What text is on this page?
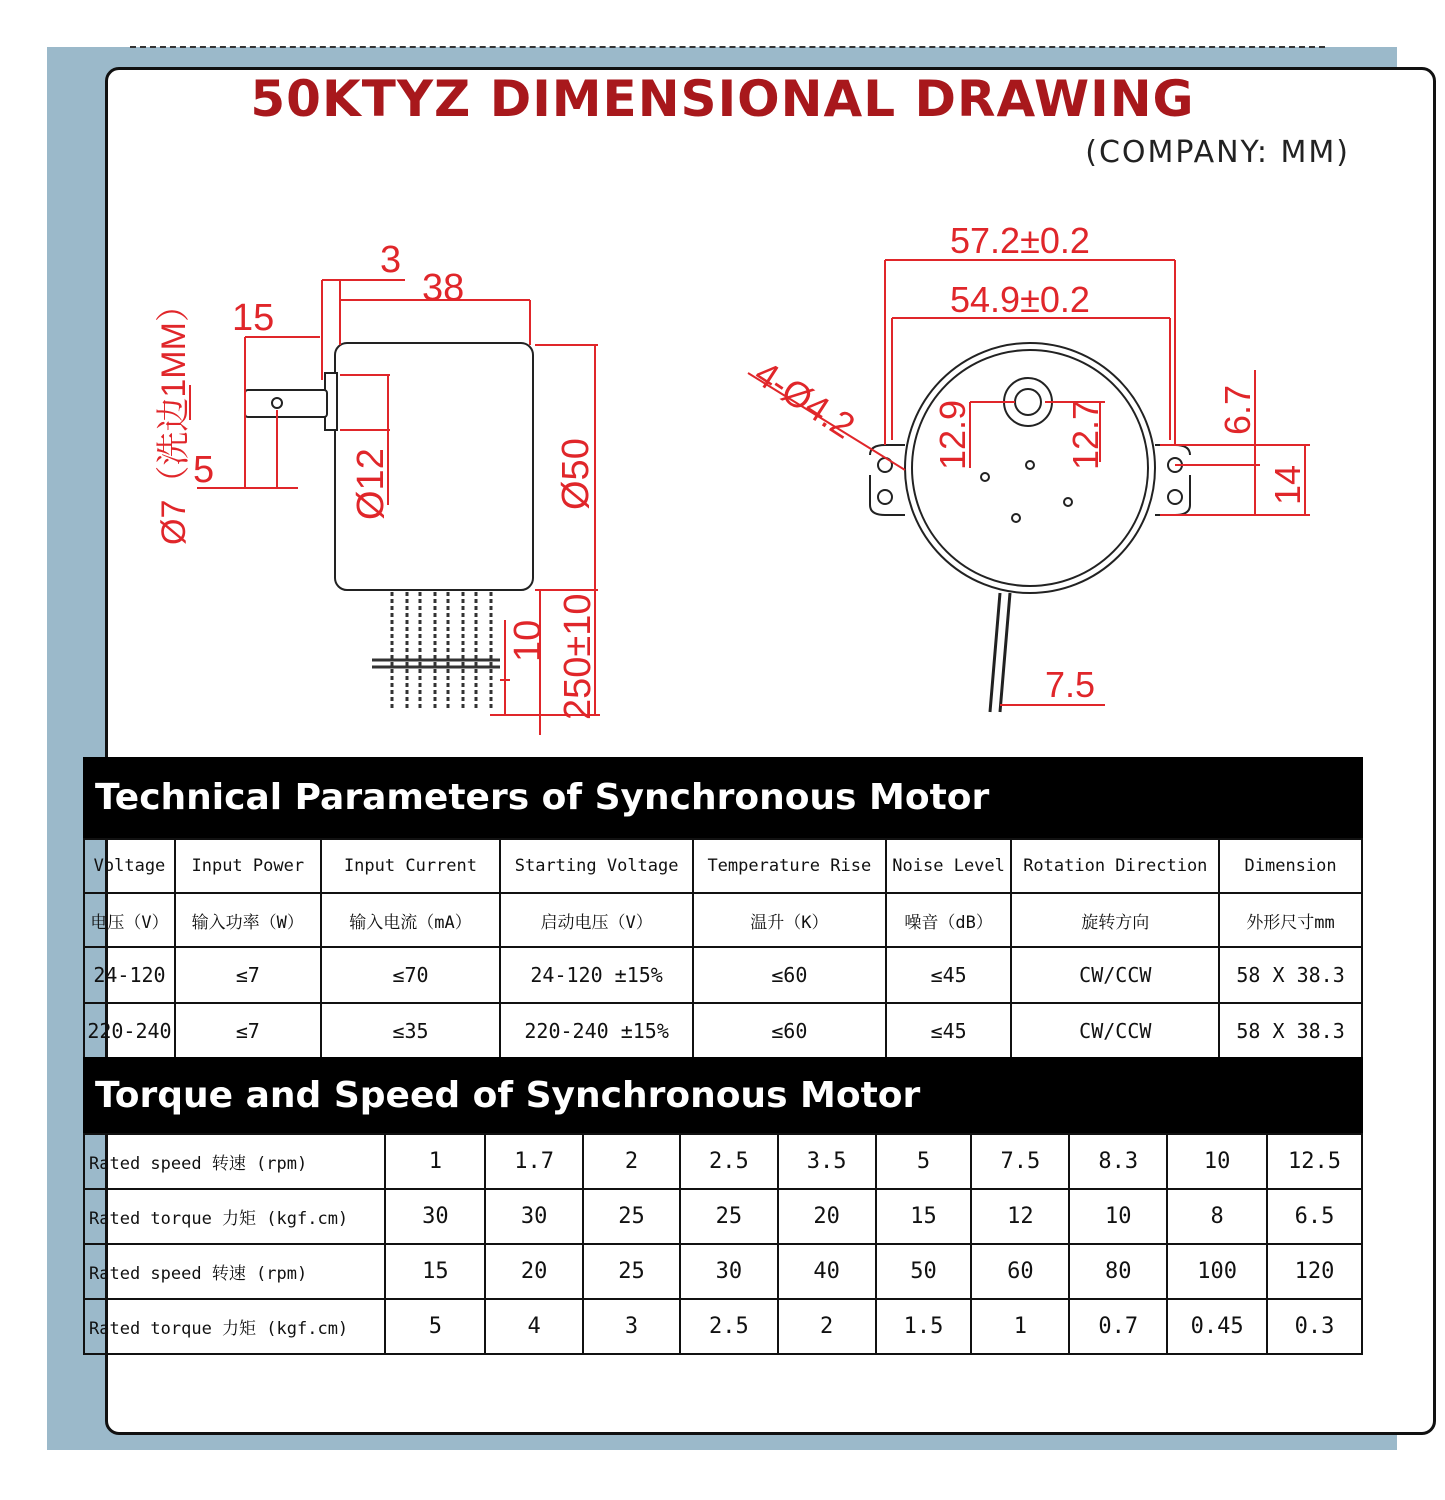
50KTYZ DIMENSIONAL DRAWING
(COMPANY: MM)
3
38
15
5
Ø7（洗边1MM）	Ø12	Ø50
10 250±10
57.2±0.2
54.9±0.2
4-Ø4.2 12.9	12.7	6.7
14
7.5
Technical Parameters of Synchronous Motor
Voltage	Input Power	Input Current	Starting Voltage	Temperature Rise	Noise Level	Rotation Direction	Dimension
电压（V）	输入功率（W）	输入电流（mA）	启动电压（V）	温升（K）	噪音（dB）	旋转方向	外形尺寸mm
24-120	≤7	≤70	24-120 ±15%	≤60	≤45	CW/CCW	58 X 38.3
220-240	≤7	≤35	220-240 ±15%	≤60	≤45	CW/CCW	58 X 38.3
Torque and Speed of Synchronous Motor
Rated speed 转速 (rpm)	1	1.7	2	2.5	3.5	5	7.5	8.3	10	12.5
Rated torque 力矩 (kgf.cm)	30	30	25	25	20	15	12	10	8	6.5
Rated speed 转速 (rpm)	15	20	25	30	40	50	60	80	100	120
Rated torque 力矩 (kgf.cm)	5	4	3	2.5	2	1.5	1	0.7	0.45	0.3
